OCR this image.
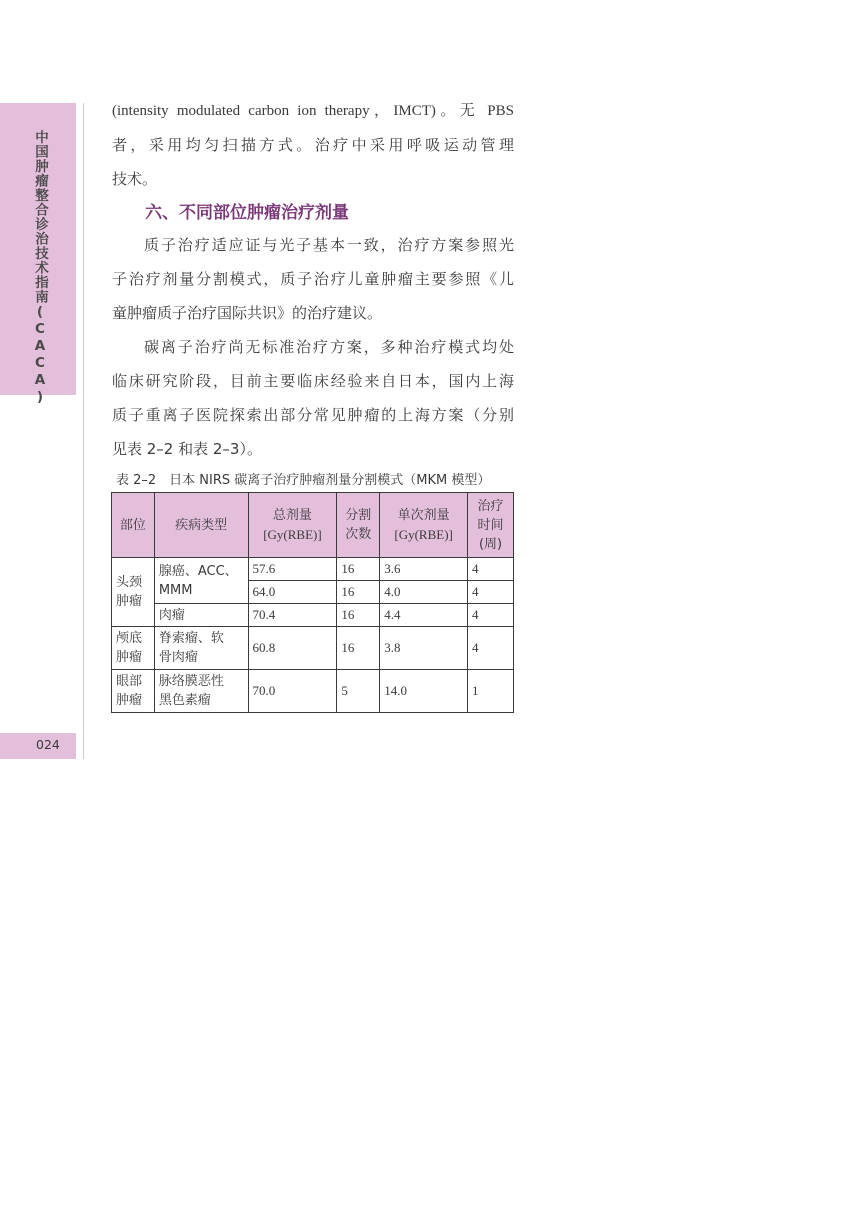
中国肿瘤整合诊治技术指南(CACA)
024
(intensity modulated carbon ion therapy，IMCT)。无 PBS
者，采用均匀扫描方式。治疗中采用呼吸运动管理
技术。
六、不同部位肿瘤治疗剂量
质子治疗适应证与光子基本一致，治疗方案参照光
子治疗剂量分割模式，质子治疗儿童肿瘤主要参照《儿
童肿瘤质子治疗国际共识》的治疗建议。
碳离子治疗尚无标准治疗方案，多种治疗模式均处
临床研究阶段，目前主要临床经验来自日本，国内上海
质子重离子医院探索出部分常见肿瘤的上海方案（分别
见表 2–2 和表 2–3）。
表 2–2　日本 NIRS 碳离子治疗肿瘤剂量分割模式（MKM 模型）
部位	疾病类型	总剂量
[Gy(RBE)]	分割
次数	单次剂量
[Gy(RBE)]	治疗
时间
(周)
头颈
肿瘤	腺癌、ACC、
MMM	57.6	16	3.6	4
		64.0	16	4.0	4
	肉瘤	70.4	16	4.4	4
颅底
肿瘤	脊索瘤、软
骨肉瘤	60.8	16	3.8	4
眼部
肿瘤	脉络膜恶性
黑色素瘤	70.0	5	14.0	1
